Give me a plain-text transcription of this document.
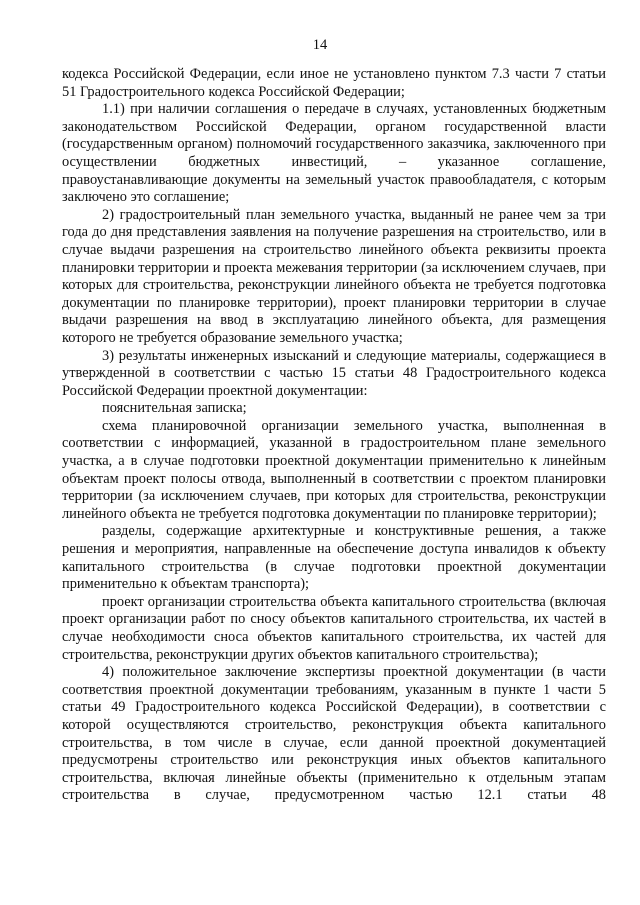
14

кодекса Российской Федерации, если иное не установлено пунктом 7.3 части 7 статьи 51 Градостроительного кодекса Российской Федерации;

1.1) при наличии соглашения о передаче в случаях, установленных бюджетным законодательством Российской Федерации, органом государственной власти (государственным органом) полномочий государственного заказчика, заключенного при осуществлении бюджетных инвестиций, – указанное соглашение, правоустанавливающие документы на земельный участок правообладателя, с которым заключено это соглашение;

2) градостроительный план земельного участка, выданный не ранее чем за три года до дня представления заявления на получение разрешения на строительство, или в случае выдачи разрешения на строительство линейного объекта реквизиты проекта планировки территории и проекта межевания территории (за исключением случаев, при которых для строительства, реконструкции линейного объекта не требуется подготовка документации по планировке территории), проект планировки территории в случае выдачи разрешения на ввод в эксплуатацию линейного объекта, для размещения которого не требуется образование земельного участка;

3) результаты инженерных изысканий и следующие материалы, содержащиеся в утвержденной в соответствии с частью 15 статьи 48 Градостроительного кодекса Российской Федерации проектной документации:

пояснительная записка;

схема планировочной организации земельного участка, выполненная в соответствии с информацией, указанной в градостроительном плане земельного участка, а в случае подготовки проектной документации применительно к линейным объектам проект полосы отвода, выполненный в соответствии с проектом планировки территории (за исключением случаев, при которых для строительства, реконструкции линейного объекта не требуется подготовка документации по планировке территории);

разделы, содержащие архитектурные и конструктивные решения, а также решения и мероприятия, направленные на обеспечение доступа инвалидов к объекту капитального строительства (в случае подготовки проектной документации применительно к объектам транспорта);

проект организации строительства объекта капитального строительства (включая проект организации работ по сносу объектов капитального строительства, их частей в случае необходимости сноса объектов капитального строительства, их частей для строительства, реконструкции других объектов капитального строительства);

4) положительное заключение экспертизы проектной документации (в части соответствия проектной документации требованиям, указанным в пункте 1 части 5 статьи 49 Градостроительного кодекса Российской Федерации), в соответствии с которой осуществляются строительство, реконструкция объекта капитального строительства, в том числе в случае, если данной проектной документацией предусмотрены строительство или реконструкция иных объектов капитального строительства, включая линейные объекты (применительно к отдельным этапам строительства в случае, предусмотренном частью 12.1 статьи 48
